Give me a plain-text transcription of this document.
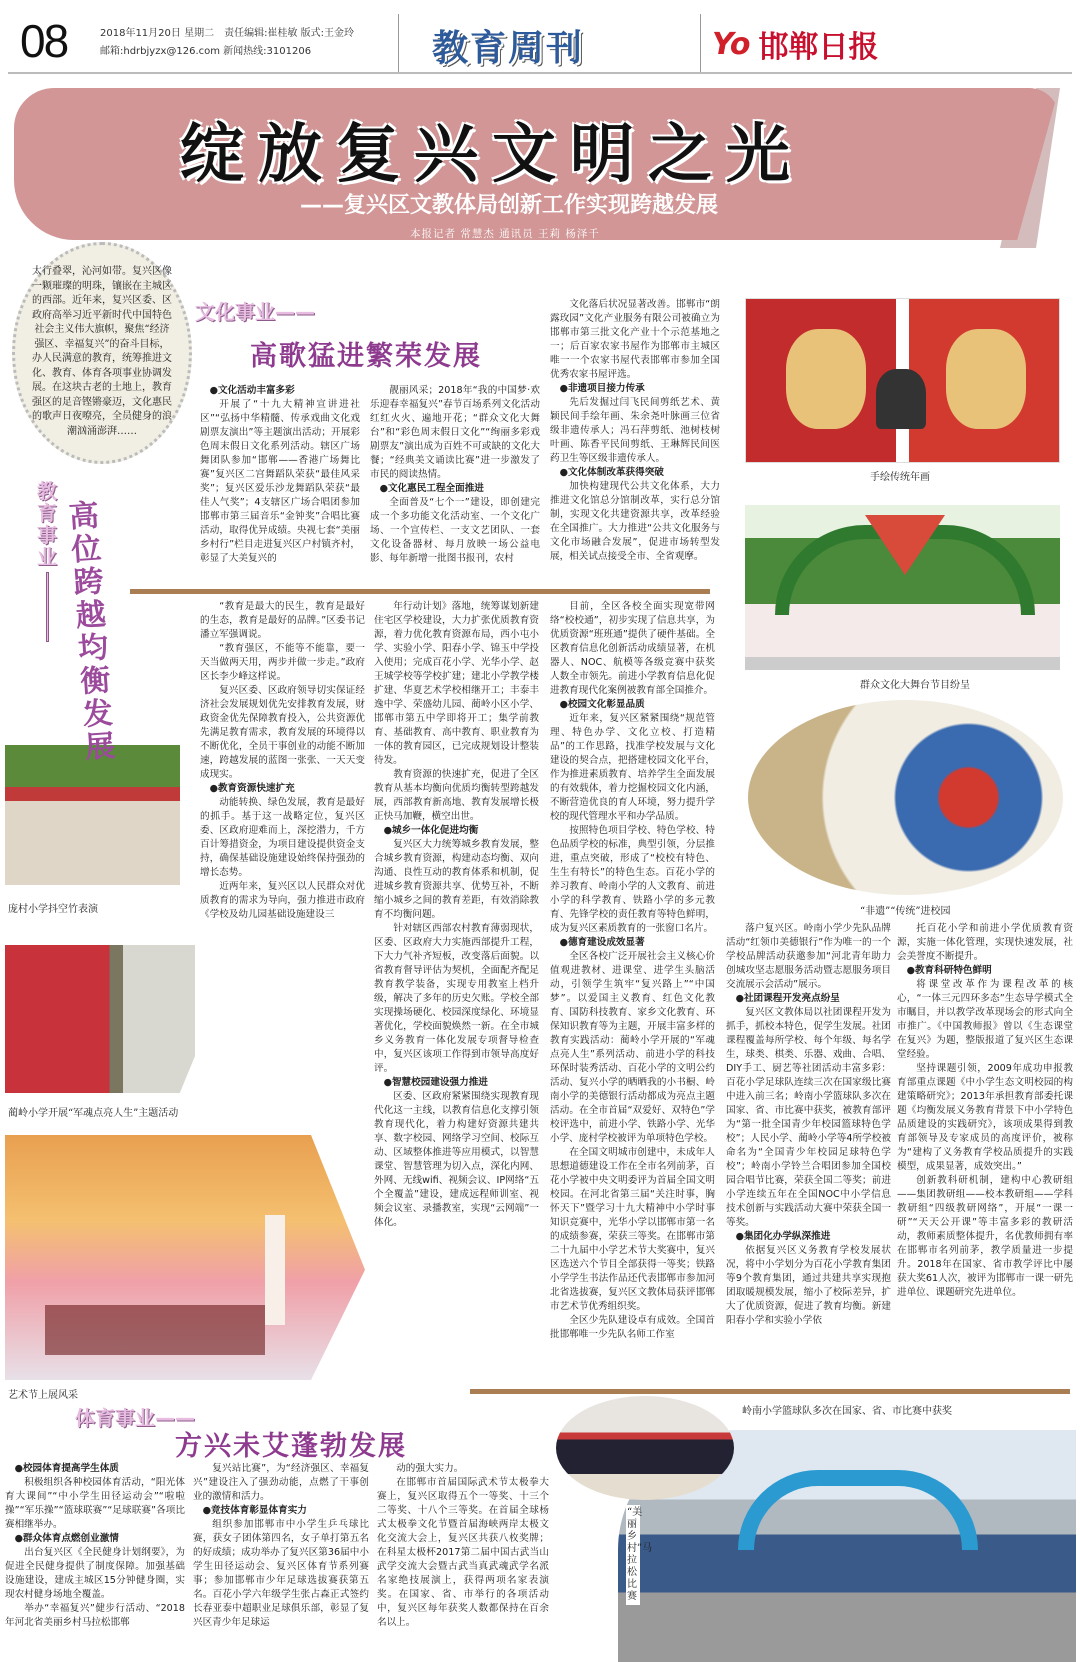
08	2018年11月20日 星期二　责任编辑:崔桂敏 版式:王金玲
邮箱:hdrbjyzx@126.com 新闻热线:3101206	教育周刊	Yo 邯郸日报
绽放复兴文明之光
——复兴区文教体局创新工作实现跨越发展
本报记者 常慧杰 通讯员 王莉 杨泽千
太行叠翠，沁河如带。复兴区像一颗璀璨的明珠，镶嵌在主城区的西部。近年来，复兴区委、区政府高举习近平新时代中国特色社会主义伟大旗帜，聚焦“经济强区、幸福复兴”的奋斗目标，办人民满意的教育，统筹推进文化、教育、体育各项事业协调发展。在这块古老的土地上，教育强区的足音铿锵豪迈，文化惠民的歌声日夜嘹亮，全员健身的浪潮汹涌澎湃……
文化事业——
高歌猛进繁荣发展

●文化活动丰富多彩

开展了“十九大精神宣讲进社区”“弘扬中华精髓、传承戏曲文化戏剧票友演出”等主题演出活动；开展彩色周末假日文化系列活动。辖区广场舞团队参加“邯郸——香港广场舞比赛”复兴区二宫舞蹈队荣获“最佳风采奖”；复兴区爱乐沙龙舞蹈队荣获“最佳人气奖”；4支辖区广场合唱团参加邯郸市第三届音乐“金钟奖”合唱比赛活动，取得优异成绩。央视七套“美丽乡村行”栏目走进复兴区户村镇齐村，彰显了大美复兴的

靓丽风采；2018年“我的中国梦·欢乐迎春幸福复兴”春节百场系列文化活动红红火火、遍地开花；“群众文化大舞台”和“彩色周末假日文化”“绚丽多彩戏剧票友”演出成为百姓不可或缺的文化大餐；“经典美文诵读比赛”进一步激发了市民的阅读热情。

●文化惠民工程全面推进

全面普及“七个一”建设，即创建完成一个多功能文化活动室、一个文化广场、一个宣传栏、一支文艺团队、一套文化设备器材、每月放映一场公益电影、每年新增一批图书报刊，农村

文化落后状况显著改善。邯郸市“朗露玫园”文化产业服务有限公司被确立为邯郸市第三批文化产业十个示范基地之一；后百家农家书屋作为邯郸市主城区唯一一个农家书屋代表邯郸市参加全国优秀农家书屋评选。

●非遗项目接力传承

先后发掘过闫飞民间剪纸艺术、黄颖民间手绘年画、朱余尧叶脉画三位省级非遗传承人；冯石萍剪纸、池树枝树叶画、陈香平民间剪纸、王琳辉民间医药卫生等区级非遗传承人。

●文化体制改革获得突破

加快构建现代公共文化体系，大力推进文化馆总分馆制改革，实行总分馆制，实现文化共建资源共享，改革经验在全国推广。大力推进“公共文化服务与文化市场融合发展”，促进市场转型发展，相关试点接受全市、全省观摩。

手绘传统年画
群众文化大舞台节目纷呈
“非遗”“传统”进校园
教育事业
高位跨越均衡发展

“教育是最大的民生，教育是最好的生态，教育是最好的品牌。”区委书记潘立军强调说。

“教育强区，不能等不能靠，要一天当做两天用，两步并做一步走。”政府区长李少峰这样说。

复兴区委、区政府领导切实保证经济社会发展规划优先安排教育发展，财政资金优先保障教育投入，公共资源优先满足教育需求，教育发展的环境得以不断优化，全员干事创业的动能不断加速，跨越发展的蓝图一张张、一天天变成现实。

●教育资源快速扩充

动能转换、绿色发展，教育是最好的抓手。基于这一战略定位，复兴区委、区政府迎难而上，深挖潜力，千方百计筹措资金，为项目建设提供资金支持，确保基础设施建设始终保持强劲的增长态势。

近两年来，复兴区以人民群众对优质教育的需求为导向，强力推进市政府《学校及幼儿园基础设施建设三

年行动计划》落地，统筹谋划新建住宅区学校建设，大力扩张优质教育资源，着力优化教育资源布局，西小屯小学、实验小学、阳春小学、锦玉中学投入使用；完成百花小学、光华小学、赵王城学校等学校扩建；建北小学教学楼扩建、华夏艺术学校相继开工；丰泰丰逸中学、荣盛幼儿园、蔺岭小区小学、邯郸市第五中学即将开工；集学前教育、基础教育、高中教育、职业教育为一体的教育园区，已完成规划设计整装待发。

教育资源的快速扩充，促进了全区教育从基本均衡向优质均衡转型跨越发展，西部教育新高地、教育发展增长极正快马加鞭，横空出世。

●城乡一体化促进均衡

复兴区大力统筹城乡教育发展，整合城乡教育资源，构建动态均衡、双向沟通、良性互动的教育体系和机制，促进城乡教育资源共享、优势互补，不断缩小城乡之间的教育差距，有效消除教育不均衡问题。

针对辖区西部农村教育薄弱现状，区委、区政府大力实施西部提升工程，下大力气补齐短板，改变落后面貌。以省教育督导评估为契机，全面配齐配足教育教学装备，实现专用教室上档升级，解决了多年的历史欠账。学校全部实现操场硬化、校园深度绿化、环境显著优化，学校面貌焕然一新。在全市城乡义务教育一体化发展专项督导检查中，复兴区该项工作得到市领导高度好评。

●智慧校园建设强力推进

区委、区政府紧紧围绕实现教育现代化这一主线，以教育信息化支撑引领教育现代化，着力构建好资源共建共享、数字校园、网络学习空间、校际互动、区域整体推进等应用模式，以智慧课堂、智慧管理为切入点，深化内网、外网、无线wifi、视频会议、IP网络“五个全覆盖”建设，建成远程师训室、视频会议室、录播教室，实现“云网端”一体化。

目前，全区各校全面实现宽带网络“校校通”，初步实现了信息共享，为优质资源“班班通”提供了硬件基础。全区教育信息化创新活动成绩显著，在机器人、NOC、航模等各级竞赛中获奖人数全市领先。前进小学教育信息化促进教育现代化案例被教育部全国推介。

●校园文化彰显品质

近年来，复兴区紧紧围绕“规范管理、特色办学、文化立校、打造精品”的工作思路，找准学校发展与文化建设的契合点，把搭建校园文化平台，作为推进素质教育、培养学生全面发展的有效载体，着力挖掘校园文化内涵，不断营造优良的育人环境，努力提升学校的现代管理水平和办学品质。

按照特色项目学校、特色学校、特色品质学校的标准，典型引领，分层推进，重点突破，形成了“校校有特色、生生有特长”的特色生态。百花小学的养习教育、岭南小学的人文教育、前进小学的科学教育、铁路小学的多元教育、先锋学校的责任教育等特色鲜明，成为复兴区素质教育的一张窗口名片。

●德育建设成效显著

全区各校广泛开展社会主义核心价值观进教材、进课堂、进学生头脑活动，引领学生筑牢“复兴路上”“中国梦”。以爱国主义教育、红色文化教育、国防科技教育、家乡文化教育、环保知识教育等为主题，开展丰富多样的教育实践活动：蔺岭小学开展的“军魂点亮人生”系列活动、前进小学的科技环保时装秀活动、百花小学的文明公约活动、复兴小学的晒晒我的小书橱、岭南小学的美德银行活动都成为亮点主题活动。在全市首届“双爱好、双特色”学校评选中，前进小学、铁路小学、光华小学、庞村学校被评为单项特色学校。

在全国文明城市创建中，未成年人思想道德建设工作在全市名列前茅，百花小学被中央文明委评为首届全国文明校园。在河北省第三届“关注时事，胸怀天下”暨学习十九大精神中小学时事知识竞赛中，光华小学以邯郸市第一名的成绩参赛，荣获三等奖。在邯郸市第二十九届中小学艺术节大奖赛中，复兴区选送六个节目全部获得一等奖；铁路小学学生书法作品还代表邯郸市参加河北省选拔赛，复兴区文教体局获评邯郸市艺术节优秀组织奖。

全区少先队建设卓有成效。全国首批邯郸唯一少先队名师工作室

落户复兴区。岭南小学少先队品牌活动“红领巾美德银行”作为唯一的一个学校品牌活动获邀参加“河北青年助力创城攻坚志愿服务活动暨志愿服务项目交流展示会活动”展示。

●社团课程开发亮点纷呈

复兴区文教体局以社团课程开发为抓手，抓校本特色，促学生发展。社团课程覆盖每所学校、每个年级、每名学生，球类、棋类、乐器、戏曲、合唱、DIY手工、厨艺等社团活动丰富多彩：百花小学足球队连续三次在国家级比赛中进入前三名；岭南小学篮球队多次在国家、省、市比赛中获奖，被教育部评为“第一批全国青少年校园篮球特色学校”；人民小学、蔺岭小学等4所学校被命名为“全国青少年校园足球特色学校”；岭南小学铃兰合唱团参加全国校园合唱节比赛，荣获全国二等奖；前进小学连续五年在全国NOC中小学信息技术创新与实践活动大赛中荣获全国一等奖。

●集团化办学纵深推进

依据复兴区义务教育学校发展状况，将中小学划分为百花小学教育集团等9个教育集团，通过共建共享实现抱团取暖规模发展，缩小了校际差异，扩大了优质资源，促进了教育均衡。新建阳春小学和实验小学依

托百花小学和前进小学优质教育资源，实施一体化管理，实现快速发展，社会美誉度不断提升。

●教育科研特色鲜明

将课堂改革作为课程改革的核心，“一体三元四环多态”生态导学模式全市瞩目，并以教学改革现场会的形式向全市推广。《中国教师报》曾以《生态课堂在复兴》为题，整版报道了复兴区生态课堂经验。

坚持课题引领，2009年成功申报教育部重点课题《中小学生态文明校园的构建策略研究》；2013年承担教育部委托课题《均衡发展义务教育背景下中小学特色品质建设的实践研究》，该项成果得到教育部领导及专家成员的高度评价，被称为“建构了义务教育学校品质提升的实践模型，成果显著，成效突出。”

创新教科研机制，建构中心教研组——集团教研组——校本教研组——学科教研组“四级教研网络”，开展“一课一研”“天天公开课”等丰富多彩的教研活动，教师素质整体提升，名优教师拥有率在邯郸市名列前茅，教学质量进一步提升。2018年在国家、省市教学评比中屡获大奖61人次，被评为邯郸市一课一研先进单位、课题研究先进单位。

庞村小学抖空竹表演
蔺岭小学开展“军魂点亮人生”主题活动
艺术节上展风采
岭南小学篮球队多次在国家、省、市比赛中获奖
体育事业——
方兴未艾蓬勃发展

●校园体育提高学生体质

积极组织各种校园体育活动，“阳光体育大课间”“中小学生田径运动会”“啦啦操”“军乐操”“篮球联赛”“足球联赛”各项比赛相继举办。

●群众体育点燃创业激情

出台复兴区《全民健身计划纲要》，为促进全民健身提供了制度保障。加强基础设施建设，建成主城区15分钟健身圈，实现农村健身场地全覆盖。

举办“幸福复兴”健步行活动、“2018年河北省美丽乡村马拉松邯郸

复兴站比赛”，为“经济强区、幸福复兴”建设注入了强劲动能，点燃了干事创业的激情和活力。

●竞技体育彰显体育实力

组织参加邯郸市中小学生乒乓球比赛，获女子团体第四名，女子单打第五名的好成绩；成功举办了复兴区第36届中小学生田径运动会、复兴区体育节系列赛事；参加邯郸市少年足球选拔赛获第五名。百花小学六年级学生张占森正式签约长春亚泰中超职业足球俱乐部，彰显了复兴区青少年足球运

动的强大实力。

在邯郸市首届国际武术节太极拳大赛上，复兴区取得五个一等奖、十三个二等奖、十八个三等奖。在首届全球杨式太极拳文化节暨首届海峡两岸太极文化交流大会上，复兴区共获八枚奖牌；在科星太极杯2017第二届中国古武当山武学交流大会暨古武当真武魂武学名派名家绝技展演上，获得两项名家表演奖。在国家、省、市举行的各项活动中，复兴区每年获奖人数都保持在百余名以上。

“美丽乡村”马拉松比赛
